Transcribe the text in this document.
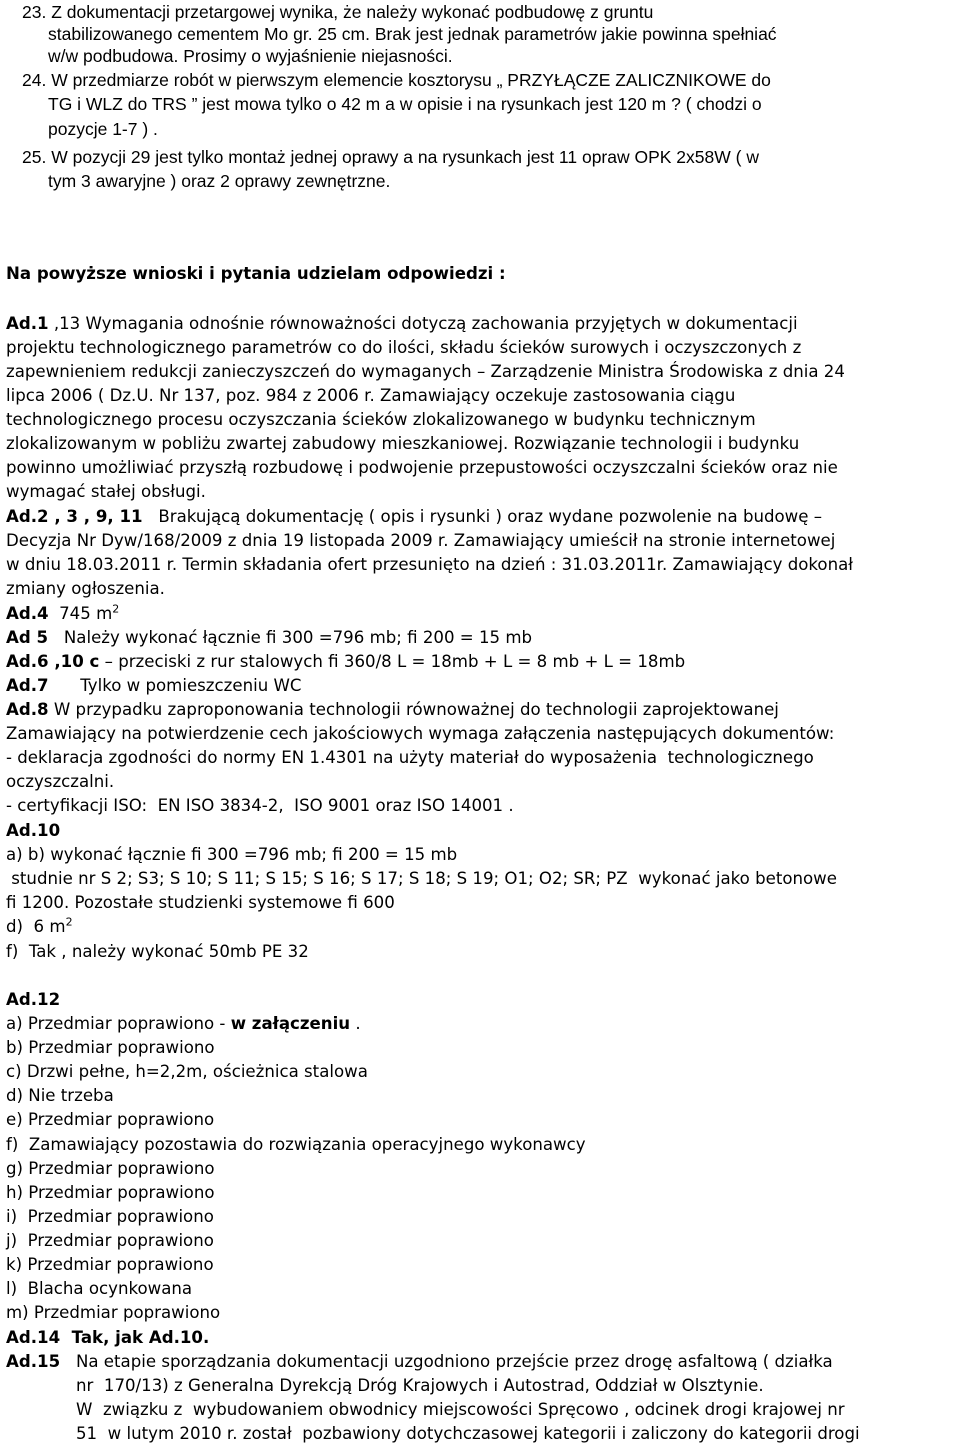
23. Z dokumentacji przetargowej wynika, że należy wykonać podbudowę z gruntu
stabilizowanego cementem Mo gr. 25 cm. Brak jest jednak parametrów jakie powinna spełniać
w/w podbudowa. Prosimy o wyjaśnienie niejasności.
24. W przedmiarze robót w pierwszym elemencie kosztorysu „ PRZYŁĄCZE ZALICZNIKOWE do
TG i WLZ do TRS ” jest mowa tylko o 42 m a w opisie i na rysunkach jest 120 m ? ( chodzi o
pozycje 1-7 ) .
25. W pozycji 29 jest tylko montaż jednej oprawy a na rysunkach jest 11 opraw OPK 2x58W ( w
tym 3 awaryjne ) oraz 2 oprawy zewnętrzne.
Na powyższe wnioski i pytania udzielam odpowiedzi :
Ad.1 ,13 Wymagania odnośnie równoważności dotyczą zachowania przyjętych w dokumentacji
projektu technologicznego parametrów co do ilości, składu ścieków surowych i oczyszczonych z
zapewnieniem redukcji zanieczyszczeń do wymaganych – Zarządzenie Ministra Środowiska z dnia 24
lipca 2006 ( Dz.U. Nr 137, poz. 984 z 2006 r. Zamawiający oczekuje zastosowania ciągu
technologicznego procesu oczyszczania ścieków zlokalizowanego w budynku technicznym
zlokalizowanym w pobliżu zwartej zabudowy mieszkaniowej. Rozwiązanie technologii i budynku
powinno umożliwiać przyszłą rozbudowę i podwojenie przepustowości oczyszczalni ścieków oraz nie
wymagać stałej obsługi.
Ad.2 , 3 , 9, 11   Brakującą dokumentację ( opis i rysunki ) oraz wydane pozwolenie na budowę –
Decyzja Nr Dyw/168/2009 z dnia 19 listopada 2009 r. Zamawiający umieścił na stronie internetowej
w dniu 18.03.2011 r. Termin składania ofert przesunięto na dzień : 31.03.2011r. Zamawiający dokonał
zmiany ogłoszenia.
Ad.4  745 $m^2$
Ad 5   Należy wykonać łącznie fi 300 =796 mb; fi 200 = 15 mb
Ad.6 ,10 c – przeciski z rur stalowych fi 360/8 L = 18mb + L = 8 mb + L = 18mb
Ad.7      Tylko w pomieszczeniu WC
Ad.8 W przypadku zaproponowania technologii równoważnej do technologii zaprojektowanej
Zamawiający na potwierdzenie cech jakościowych wymaga załączenia następujących dokumentów:
- deklaracja zgodności do normy EN 1.4301 na użyty materiał do wyposażenia  technologicznego
oczyszczalni.
- certyfikacji ISO:  EN ISO 3834-2,  ISO 9001 oraz ISO 14001 .
Ad.10
a) b) wykonać łącznie fi 300 =796 mb; fi 200 = 15 mb
studnie nr S 2; S3; S 10; S 11; S 15; S 16; S 17; S 18; S 19; O1; O2; SR; PZ  wykonać jako betonowe
fi 1200. Pozostałe studzienki systemowe fi 600
d)  6 $m^2$
f)  Tak , należy wykonać 50mb PE 32
Ad.12
a) Przedmiar poprawiono - w załączeniu .
b) Przedmiar poprawiono
c) Drzwi pełne, h=2,2m, ościeżnica stalowa
d) Nie trzeba
e) Przedmiar poprawiono
f)  Zamawiający pozostawia do rozwiązania operacyjnego wykonawcy
g) Przedmiar poprawiono
h) Przedmiar poprawiono
i)  Przedmiar poprawiono
j)  Przedmiar poprawiono
k) Przedmiar poprawiono
l)  Blacha ocynkowana
m) Przedmiar poprawiono
Ad.14  Tak, jak Ad.10.
Ad.15   Na etapie sporządzania dokumentacji uzgodniono przejście przez drogę asfaltową ( działka
nr  170/13) z Generalna Dyrekcją Dróg Krajowych i Autostrad, Oddział w Olsztynie.
W  związku z  wybudowaniem obwodnicy miejscowości Spręcowo , odcinek drogi krajowej nr
51  w lutym 2010 r. został  pozbawiony dotychczasowej kategorii i zaliczony do kategorii drogi
